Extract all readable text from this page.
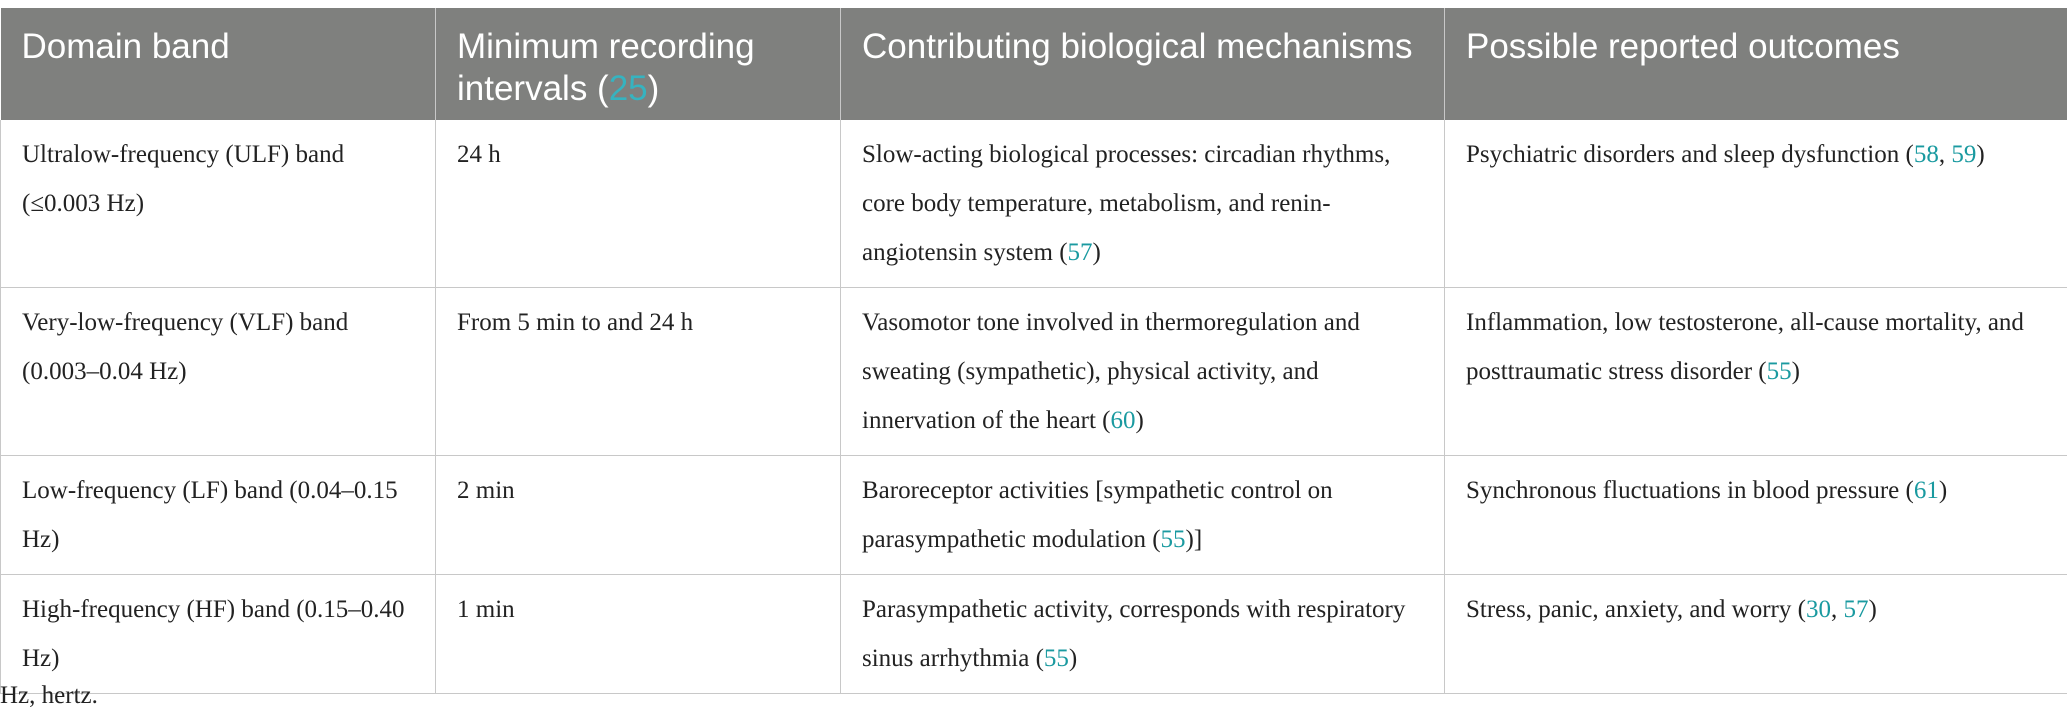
Domain band	Minimum recording intervals (25)	Contributing biological mechanisms	Possible reported outcomes
Ultralow-frequency (ULF) band (≤0.003 Hz)	24 h	Slow-acting biological processes: circadian rhythms, core body temperature, metabolism, and renin-angiotensin system (57)	Psychiatric disorders and sleep dysfunction (58, 59)
Very-low-frequency (VLF) band (0.003–0.04 Hz)	From 5 min to and 24 h	Vasomotor tone involved in thermoregulation and sweating (sympathetic), physical activity, and innervation of the heart (60)	Inflammation, low testosterone, all-cause mortality, and posttraumatic stress disorder (55)
Low-frequency (LF) band (0.04–0.15 Hz)	2 min	Baroreceptor activities [sympathetic control on parasympathetic modulation (55)]	Synchronous fluctuations in blood pressure (61)
High-frequency (HF) band (0.15–0.40 Hz)	1 min	Parasympathetic activity, corresponds with respiratory sinus arrhythmia (55)	Stress, panic, anxiety, and worry (30, 57)
Hz, hertz.
